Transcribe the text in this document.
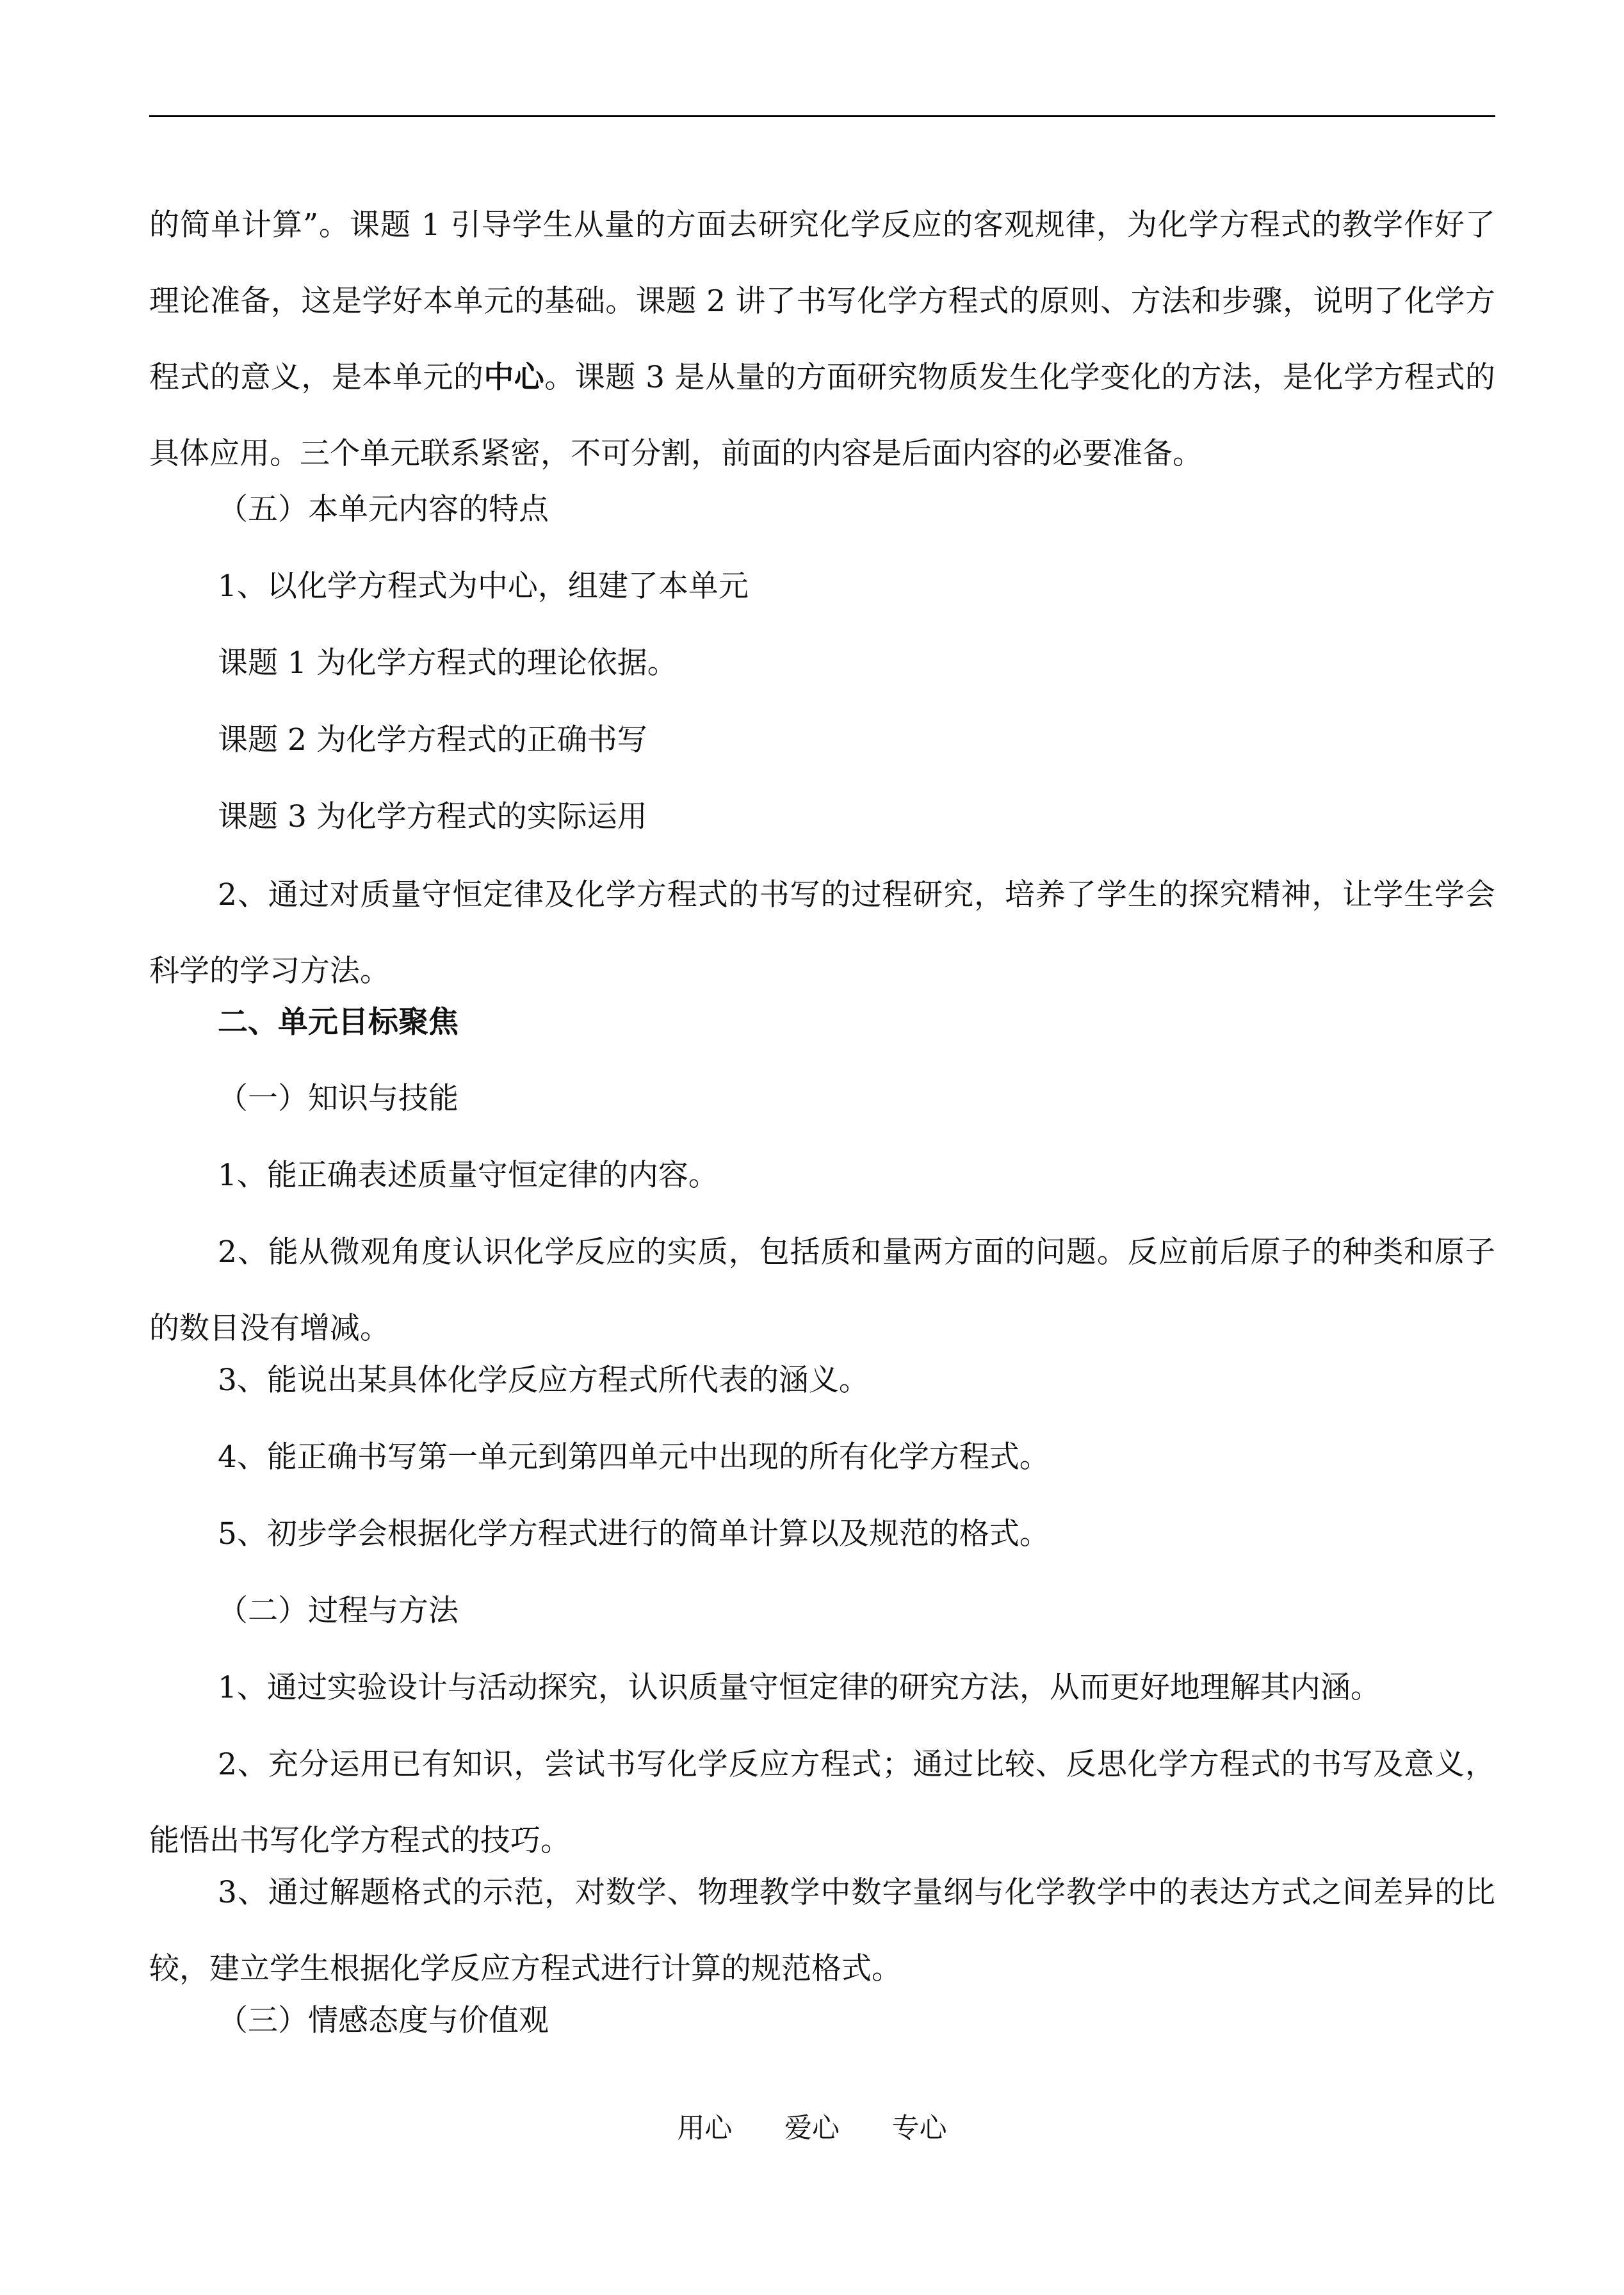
的简单计算”。课题 1 引导学生从量的方面去研究化学反应的客观规律，为化学方程式的教学作好了理论准备，这是学好本单元的基础。课题 2 讲了书写化学方程式的原则、方法和步骤，说明了化学方程式的意义，是本单元的中心。课题 3 是从量的方面研究物质发生化学变化的方法，是化学方程式的具体应用。三个单元联系紧密，不可分割，前面的内容是后面内容的必要准备。

（五）本单元内容的特点
1、以化学方程式为中心，组建了本单元
课题 1 为化学方程式的理论依据。
课题 2 为化学方程式的正确书写
课题 3 为化学方程式的实际运用

2、通过对质量守恒定律及化学方程式的书写的过程研究，培养了学生的探究精神，让学生学会科学的学习方法。

二、单元目标聚焦
（一）知识与技能
1、能正确表述质量守恒定律的内容。

2、能从微观角度认识化学反应的实质，包括质和量两方面的问题。反应前后原子的种类和原子的数目没有增减。

3、能说出某具体化学反应方程式所代表的涵义。
4、能正确书写第一单元到第四单元中出现的所有化学方程式。
5、初步学会根据化学方程式进行的简单计算以及规范的格式。
（二）过程与方法
1、通过实验设计与活动探究，认识质量守恒定律的研究方法，从而更好地理解其内涵。

2、充分运用已有知识，尝试书写化学反应方程式；通过比较、反思化学方程式的书写及意义，能悟出书写化学方程式的技巧。

3、通过解题格式的示范，对数学、物理教学中数字量纲与化学教学中的表达方式之间差异的比较，建立学生根据化学反应方程式进行计算的规范格式。

（三）情感态度与价值观
用心 爱心 专心
